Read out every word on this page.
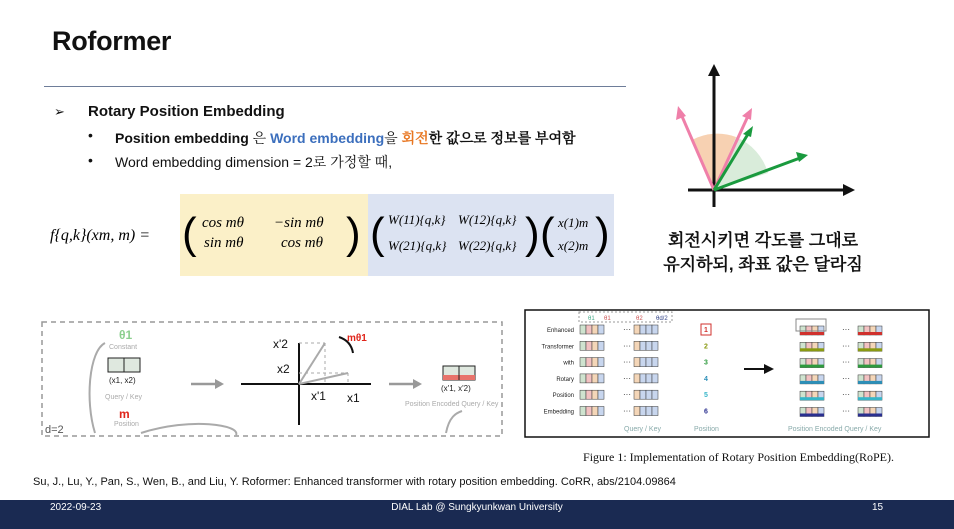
Roformer
➢ Rotary Position Embedding
• Position embedding 은 Word embedding을 회전한 값으로 정보를 부여함
• Word embedding dimension = 2로 가정할 때,
f{q,k}(xm, m) = ( cos mθ −sin mθ
sin mθ	cos mθ ) ( W(11){q,k} W(12){q,k}
W(21){q,k} W(22){q,k} ) ( x(1)m
x(2)m )	회전시키면 각도를 그대로
유지하되, 좌표 값은 달라짐
θ1
Constant
(x1, x2)
Query / Key
m
Position
x'2
x2
mθ1
x'1 x1
(x'1, x'2)
Position Encoded Query / Key
d=2
θ1 θ1	θ2 θd/2
Enhanced	···	1	···
Transformer	···	2	···
with	···	3	···
Rotary	···	4	···
Position	···	5	···
Embedding	···	6	···
Query / Key	Position	Position Encoded Query / Key
Figure 1: Implementation of Rotary Position Embedding(RoPE).
Su, J., Lu, Y., Pan, S., Wen, B., and Liu, Y. Roformer: Enhanced transformer with rotary position embedding. CoRR, abs/2104.09864
2022-09-23	DIAL Lab @ Sungkyunkwan University	15
